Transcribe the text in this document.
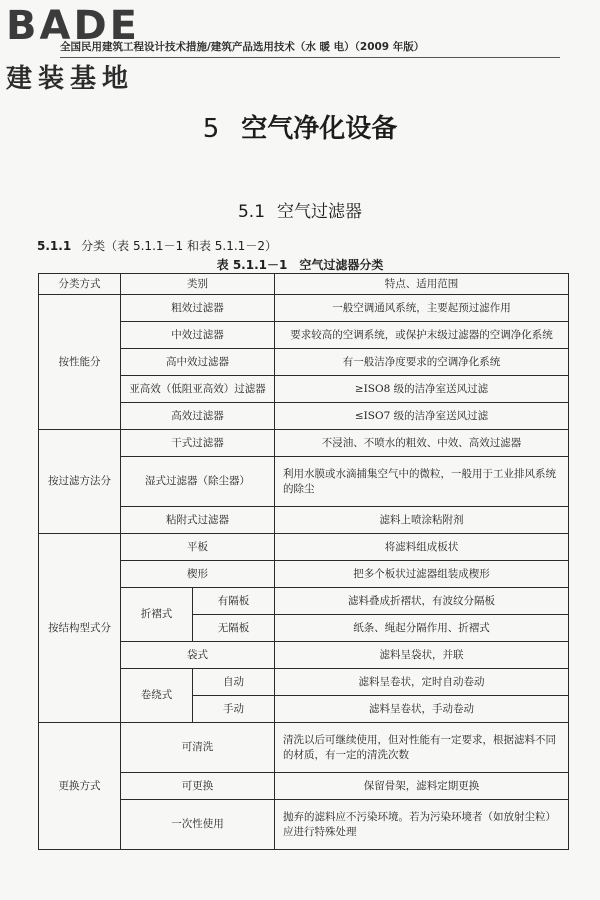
BADE
建装基地
全国民用建筑工程设计技术措施/建筑产品选用技术（水 暖 电）（2009 年版）
5 空气净化设备
5.1 空气过滤器
5.1.1 分类（表 5.1.1－1 和表 5.1.1－2）
表 5.1.1－1　空气过滤器分类
分类方式	类别		特点、适用范围
按性能分	粗效过滤器		一般空调通风系统，主要起预过滤作用
	中效过滤器		要求较高的空调系统，或保护末级过滤器的空调净化系统
	高中效过滤器		有一般洁净度要求的空调净化系统
	亚高效（低阻亚高效）过滤器		≥ISO8 级的洁净室送风过滤
	高效过滤器		≤ISO7 级的洁净室送风过滤
按过滤方法分	干式过滤器		不浸油、不喷水的粗效、中效、高效过滤器
	湿式过滤器（除尘器）		利用水膜或水滴捕集空气中的微粒，一般用于工业排风系统的除尘
	粘附式过滤器		滤料上喷涂粘附剂
按结构型式分	平板		将滤料组成板状
	楔形		把多个板状过滤器组装成楔形
	折褶式	有隔板	滤料叠成折褶状，有波纹分隔板
		无隔板	纸条、绳起分隔作用、折褶式
	袋式		滤料呈袋状，并联
	卷绕式	自动	滤料呈卷状，定时自动卷动
		手动	滤料呈卷状，手动卷动

更换方式	可清洗		清洗以后可继续使用，但对性能有一定要求，根据滤料不同的材质，有一定的清洗次数
	可更换		保留骨架，滤料定期更换
	一次性使用		抛弃的滤料应不污染环境。若为污染环境者（如放射尘粒）应进行特殊处理
